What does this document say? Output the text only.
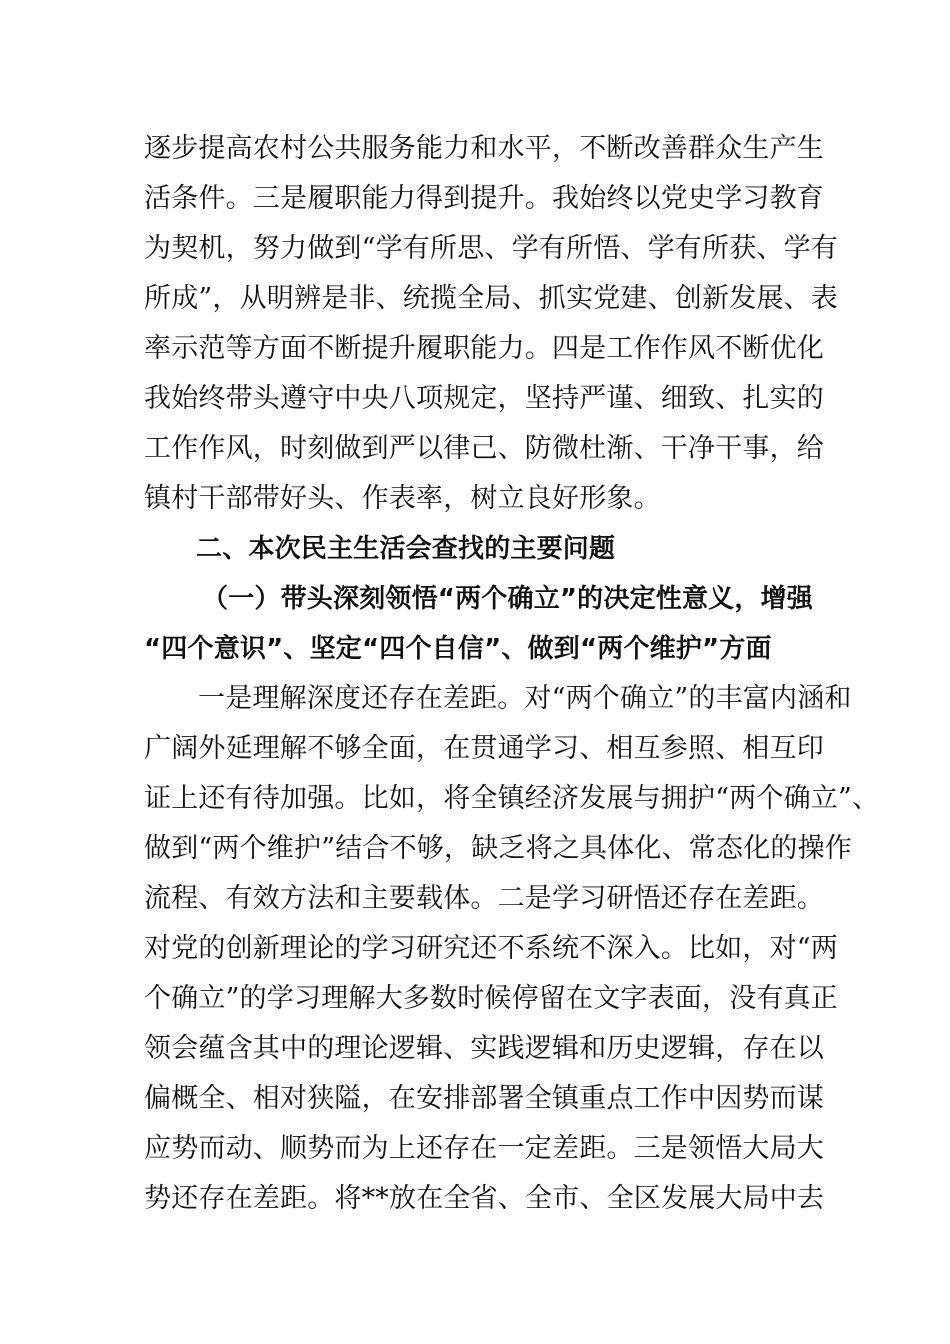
逐步提高农村公共服务能力和水平，不断改善群众生产生
活条件。三是履职能力得到提升。我始终以党史学习教育
为契机，努力做到“学有所思、学有所悟、学有所获、学有
所成”，从明辨是非、统揽全局、抓实党建、创新发展、表
率示范等方面不断提升履职能力。四是工作作风不断优化
我始终带头遵守中央八项规定，坚持严谨、细致、扎实的
工作作风，时刻做到严以律己、防微杜渐、干净干事，给
镇村干部带好头、作表率，树立良好形象。
二、本次民主生活会查找的主要问题
（一）带头深刻领悟“两个确立”的决定性意义，增强
“四个意识”、坚定“四个自信”、做到“两个维护”方面
一是理解深度还存在差距。对“两个确立”的丰富内涵和
广阔外延理解不够全面，在贯通学习、相互参照、相互印
证上还有待加强。比如，将全镇经济发展与拥护“两个确立”、
做到“两个维护”结合不够，缺乏将之具体化、常态化的操作
流程、有效方法和主要载体。二是学习研悟还存在差距。
对党的创新理论的学习研究还不系统不深入。比如，对“两
个确立”的学习理解大多数时候停留在文字表面，没有真正
领会蕴含其中的理论逻辑、实践逻辑和历史逻辑，存在以
偏概全、相对狭隘，在安排部署全镇重点工作中因势而谋
应势而动、顺势而为上还存在一定差距。三是领悟大局大
势还存在差距。将**放在全省、全市、全区发展大局中去
